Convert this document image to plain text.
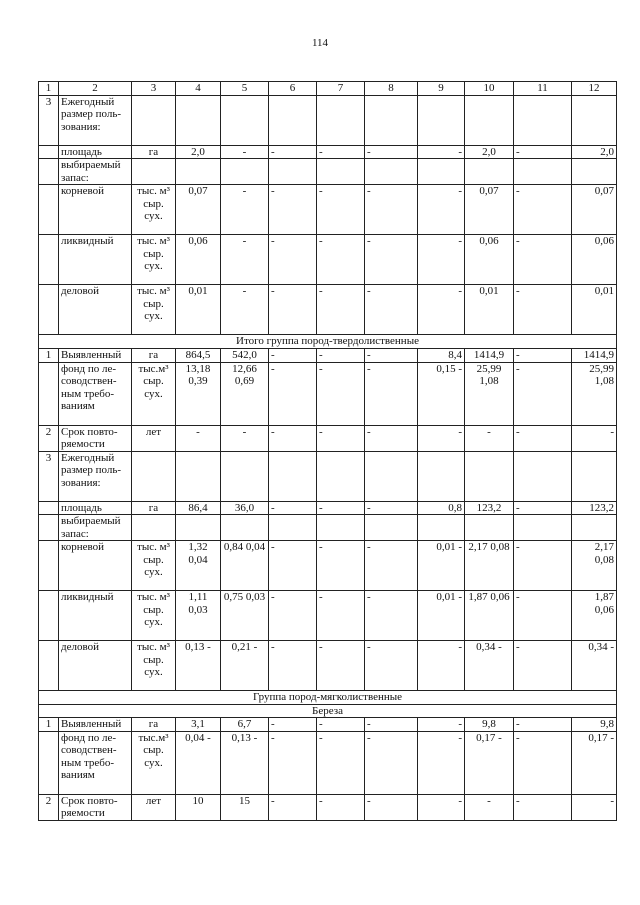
114
1	2	3	4	5	6	7	8	9	10	11	12
3	Ежегодный размер поль-зования:										
	площадь	га	2,0	-	-	-	-	-	2,0	-	2,0
	выбираемый запас:										
	корневой	тыс. м³ сыр. сух.	0,07	-	-	-	-	-	0,07	-	0,07
	ликвидный	тыс. м³ сыр. сух.	0,06	-	-	-	-	-	0,06	-	0,06
	деловой	тыс. м³ сыр. сух.	0,01	-	-	-	-	-	0,01	-	0,01
Итого группа пород-твердолиственные											
1	Выявленный	га	864,5	542,0	-	-	-	8,4	1414,9	-	1414,9
	фонд по ле-соводствен-ным требо-ваниям	тыс.м³ сыр. сух.	13,18 0,39	12,66 0,69	-	-	-	0,15 -	25,99 1,08	-	25,99 1,08
2	Срок повто-ряемости	лет	-	-	-	-	-	-	-	-	-
3	Ежегодный размер поль-зования:										
	площадь	га	86,4	36,0	-	-	-	0,8	123,2	-	123,2
	выбираемый запас:										
	корневой	тыс. м³ сыр. сух.	1,32 0,04	0,84 0,04	-	-	-	0,01 -	2,17 0,08	-	2,17 0,08
	ликвидный	тыс. м³ сыр. сух.	1,11 0,03	0,75 0,03	-	-	-	0,01 -	1,87 0,06	-	1,87 0,06
	деловой	тыс. м³ сыр. сух.	0,13 -	0,21 -	-	-	-	-	0,34 -	-	0,34 -
Группа пород-мягколиственные											
Береза											
1	Выявленный	га	3,1	6,7	-	-	-	-	9,8	-	9,8
	фонд по ле-соводствен-ным требо-ваниям	тыс.м³ сыр. сух.	0,04 -	0,13 -	-	-	-	-	0,17 -	-	0,17 -
2	Срок повто-ряемости	лет	10	15	-	-	-	-	-	-	-
